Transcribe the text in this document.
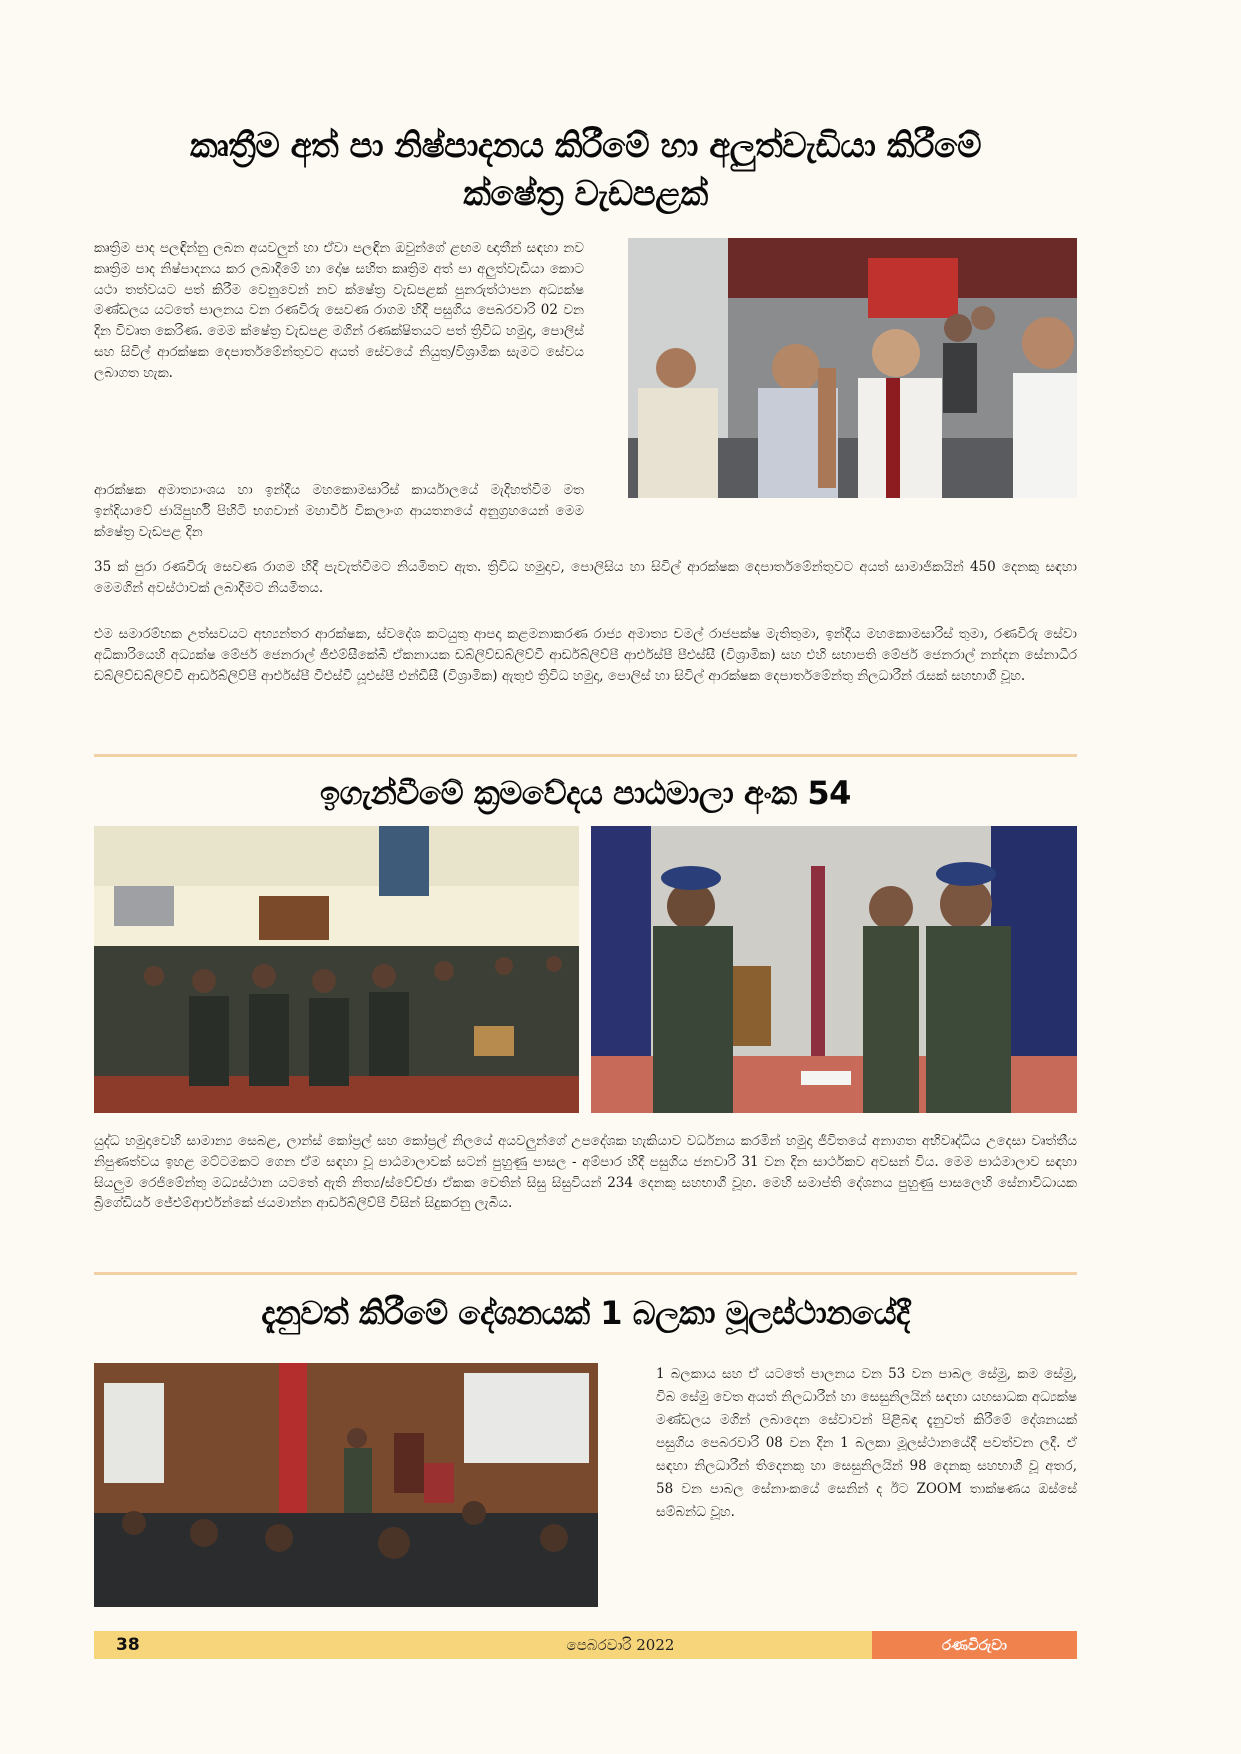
කෘත්‍රීම අත් පා නිෂ්පාදනය කිරීමේ හා අලුත්වැඩියා කිරීමේ
ක්ෂේත්‍ර වැඩපළක්

කෘත්‍රිම පාද පලඳින්නු ලබන අයවලුන් හා ඒවා පලඳින ඔවුන්ගේ ළඟම ඥාතීන් සඳහා නව කෘත්‍රිම පාද නිෂ්පාදනය කර ලබාදීමේ හා දෝෂ සහිත කෘත්‍රිම අත් පා අලුත්වැඩියා කොට යථා තත්වයට පත් කිරීම වෙනුවෙන් නව ක්ෂේත්‍ර වැඩපළක් පුනරුත්ථාපන අධ්‍යක්ෂ මණ්ඩලය යටතේ පාලනය වන රණවිරු සෙවණ රාගම හිදී පසුගිය පෙබරවාරි 02 වන දින විවෘත කෙරිණ. මෙම ක්ෂේත්‍ර වැඩපළ මගින් රණක්ෂිතයට පත් ත්‍රිවිධ හමුදා, පොලිස් සහ සිවිල් ආරක්ෂක දෙපාර්තමේන්තුවට අයත් සේවයේ නියුතු/විශ්‍රාමික සැමට සේවය ලබාගත හැක.

ආරක්ෂක අමාත්‍යාංශය හා ඉන්දීය මහකොමසාරිස් කාර්යාලයේ මැදිහත්වීම මත ඉන්දියාවේ ජායිපුර්හි පිහිටි භගවාන් මහාවීර් විකලාංග ආයතනයේ අනුග්‍රහයෙන් මෙම ක්ෂේත්‍ර වැඩපළ දින

35 ක් පුරා රණවිරු සෙවණ රාගම හිදී පැවැත්වීමට නියමිතව ඇත. ත්‍රිවිධ හමුදාව, පොලිසිය හා සිවිල් ආරක්ෂක දෙපාර්තමේන්තුවට අයත් සාමාජිකයින් 450 දෙනකු සඳහා මෙමගින් අවස්ථාවක් ලබාදීමට නියමිතය.

එම සමාරම්භක උත්සවයට අභ්‍යන්තර ආරක්ෂක, ස්වදේශ කටයුතු ආපදා කළමනාකරණ රාජ්‍ය අමාත්‍ය චමල් රාජපක්ෂ මැතිතුමා, ඉන්දීය මහකොමසාරිස් තුමා, රණවිරු සේවා අධිකාරියෙහි අධ්‍යක්ෂ මේජර් ජෙනරාල් ජීඑම්සීකේබී ඒකනායක ඩබ්ලිව්ඩබ්ලිව්වී ආර්ඩබ්ලිව්පී ආර්එස්පී පීඑස්සී (විශ්‍රාමික) සහ එහි සභාපති මේජර් ජෙනරාල් නන්දන සේනාධීර ඩබ්ලිව්ඩබ්ලිව්වී ආර්ඩබ්ලිව්පී ආර්එස්පී වීඑස්වී යූඑස්පී එන්ඩීසී (විශ්‍රාමික) ඇතුළු ත්‍රිවිධ හමුදා, පොලිස් හා සිවිල් ආරක්ෂක දෙපාර්තමේන්තු නිලධාරීන් රැසක් සහභාගී වූහ.

ඉගැන්වීමේ ක්‍රමවේදය පාඨමාලා අංක 54

යුද්ධ හමුදාවෙහි සාමාන්‍ය සෙබළ, ලාන්ස් කෝප්‍රල් සහ කෝප්‍රල් නිලයේ අයවලුන්ගේ උපදේශක හැකියාව වර්ධනය කරමින් හමුදා ජීවිතයේ අනාගත අභිවෘද්ධිය උදෙසා වෘත්තීය නිපුණත්වය ඉහළ මට්ටමකට ගෙන ඒම සඳහා වූ පාඨමාලාවක් සටන් පුහුණු පාසල - අම්පාර හිදී පසුගිය ජනවාරි 31 වන දින සාර්ථකව අවසන් විය. මෙම පාඨමාලාව සඳහා සියලුම රෙජිමේන්තු මධ්‍යස්ථාන යටතේ ඇති නිත්‍ය/ස්වේච්ඡා ඒකක වෙතින් සිසු සිසුවියන් 234 දෙනකු සහභාගී වූහ. මෙහි සමාප්ති දේශනය පුහුණු පාසලෙහි සේනාවිධායක බ්‍රිගේඩියර් ජේඑම්ආර්එන්කේ ජයමාන්න ආර්ඩබ්ලිව්පී විසින් සිදුකරනු ලැබීය.

දැනුවත් කිරීමේ දේශනයක් 1 බලකා මූලස්ථානයේදී

1 බලකාය සහ ඒ යටතේ පාලනය වන 53 වන පාබල සේමු, කම සේමු, විබ සේමු වෙත අයත් නිලධාරීන් හා සෙසුනිලයින් සඳහා යහසාධක අධ්‍යක්ෂ මණ්ඩලය මගින් ලබාදෙන සේවාවන් පිළිබඳ දැනුවත් කිරීමේ දේශනයක් පසුගිය පෙබරවාරි 08 වන දින 1 බලකා මූලස්ථානයේදී පවත්වන ලදී. ඒ සඳහා නිලධාරීන් තිදෙනකු හා සෙසුනිලයින් 98 දෙනකු සහභාගී වූ අතර, 58 වන පාබල සේනාංකයේ සෙනින් ද ඊට ZOOM තාක්ෂණය ඔස්සේ සම්බන්ධ වූහ.

රණවිරුවා
38	පෙබරවාරි 2022
